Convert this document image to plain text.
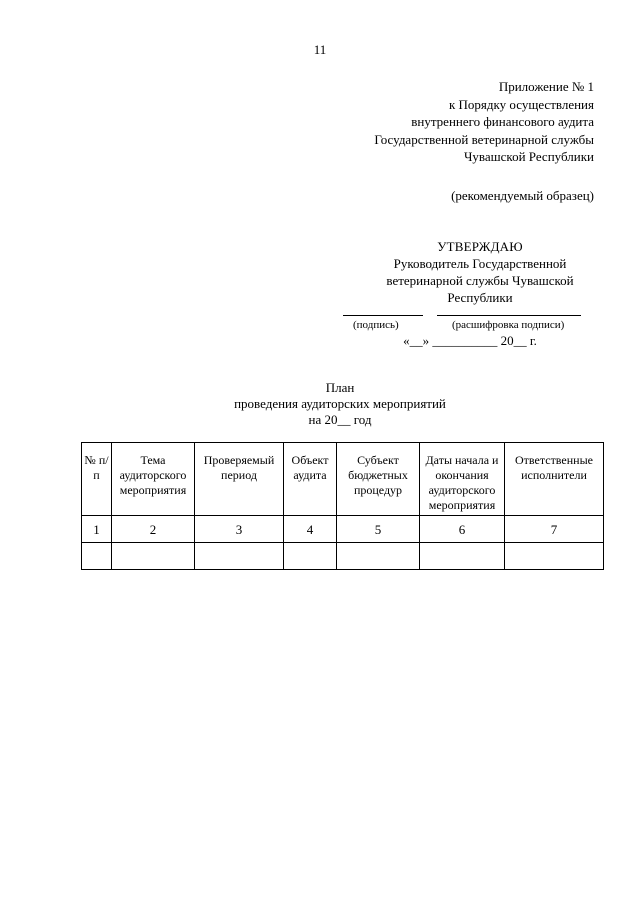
11
Приложение № 1
к Порядку осуществления
внутреннего финансового аудита
Государственной ветеринарной службы
Чувашской Республики
(рекомендуемый образец)
УТВЕРЖДАЮ
Руководитель Государственной
ветеринарной службы Чувашской
Республики
(подпись)	(расшифровка подписи)
«__» __________ 20__ г.
План
проведения аудиторских мероприятий
на 20__ год
№ п/п	Тема аудиторского мероприятия	Проверяемый период	Объект аудита	Субъект бюджетных процедур	Даты начала и окончания аудиторского мероприятия	Ответственные исполнители
1	2	3	4	5	6	7
